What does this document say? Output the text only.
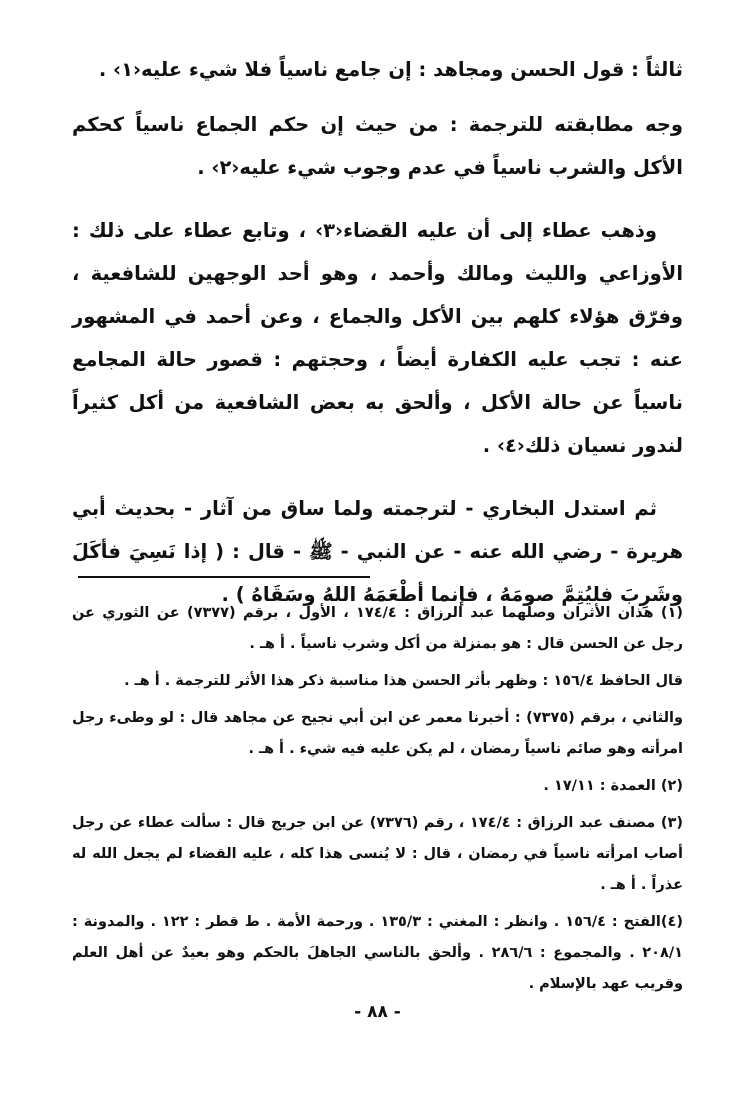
ثالثاً : قول الحسن ومجاهد : إن جامع ناسياً فلا شيء عليه‹١› .

وجه مطابقته للترجمة : من حيث إن حكم الجماع ناسياً كحكم الأكل والشرب ناسياً في عدم وجوب شيء عليه‹٢› .

وذهب عطاء إلى أن عليه القضاء‹٣› ، وتابع عطاء على ذلك : الأوزاعي والليث ومالك وأحمد ، وهو أحد الوجهين للشافعية ، وفرّق هؤلاء كلهم بين الأكل والجماع ، وعن أحمد في المشهور عنه : تجب عليه الكفارة أيضاً ، وحجتهم : قصور حالة المجامع ناسياً عن حالة الأكل ، وألحق به بعض الشافعية من أكل كثيراً لندور نسيان ذلك‹٤› .

ثم استدل البخاري - لترجمته ولما ساق من آثار - بحديث أبي هريرة - رضي الله عنه - عن النبي - ﷺ - قال : ( إذا نَسِيَ فأكَلَ وشَرِبَ فليُتِمَّ صومَهُ ، فإنما أطْعَمَهُ اللهُ وسَقَاهُ ) .

(١) هذان الأثران وصلهما عبد الرزاق : ١٧٤/٤ ، الأول ، برقم (٧٣٧٧) عن الثوري عن رجل عن الحسن قال : هو بمنزلة من أكل وشرب ناسياً . أ هـ .

قال الحافظ ١٥٦/٤ : وظهر بأثر الحسن هذا مناسبة ذكر هذا الأثر للترجمة . أ هـ .

والثاني ، برقم (٧٣٧٥) : أخبرنا معمر عن ابن أبي نجيح عن مجاهد قال : لو وطىء رجل امرأته وهو صائم ناسياً رمضان ، لم يكن عليه فيه شيء . أ هـ .

(٢) العمدة : ١٧/١١ .

(٣) مصنف عبد الرزاق : ١٧٤/٤ ، رقم (٧٣٧٦) عن ابن جريج قال : سألت عطاء عن رجل أصاب امرأته ناسياً في رمضان ، قال : لا يُنسى هذا كله ، عليه القضاء لم يجعل الله له عذراً . أ هـ .

(٤)الفتح : ١٥٦/٤ . وانظر : المغني : ١٣٥/٣ . ورحمة الأمة . ط قطر : ١٢٢ . والمدونة : ٢٠٨/١ . والمجموع : ٢٨٦/٦ . وألحق بالناسي الجاهلَ بالحكم وهو بعيدٌ عن أهل العلم وقريب عهد بالإسلام .

- ٨٨ -
